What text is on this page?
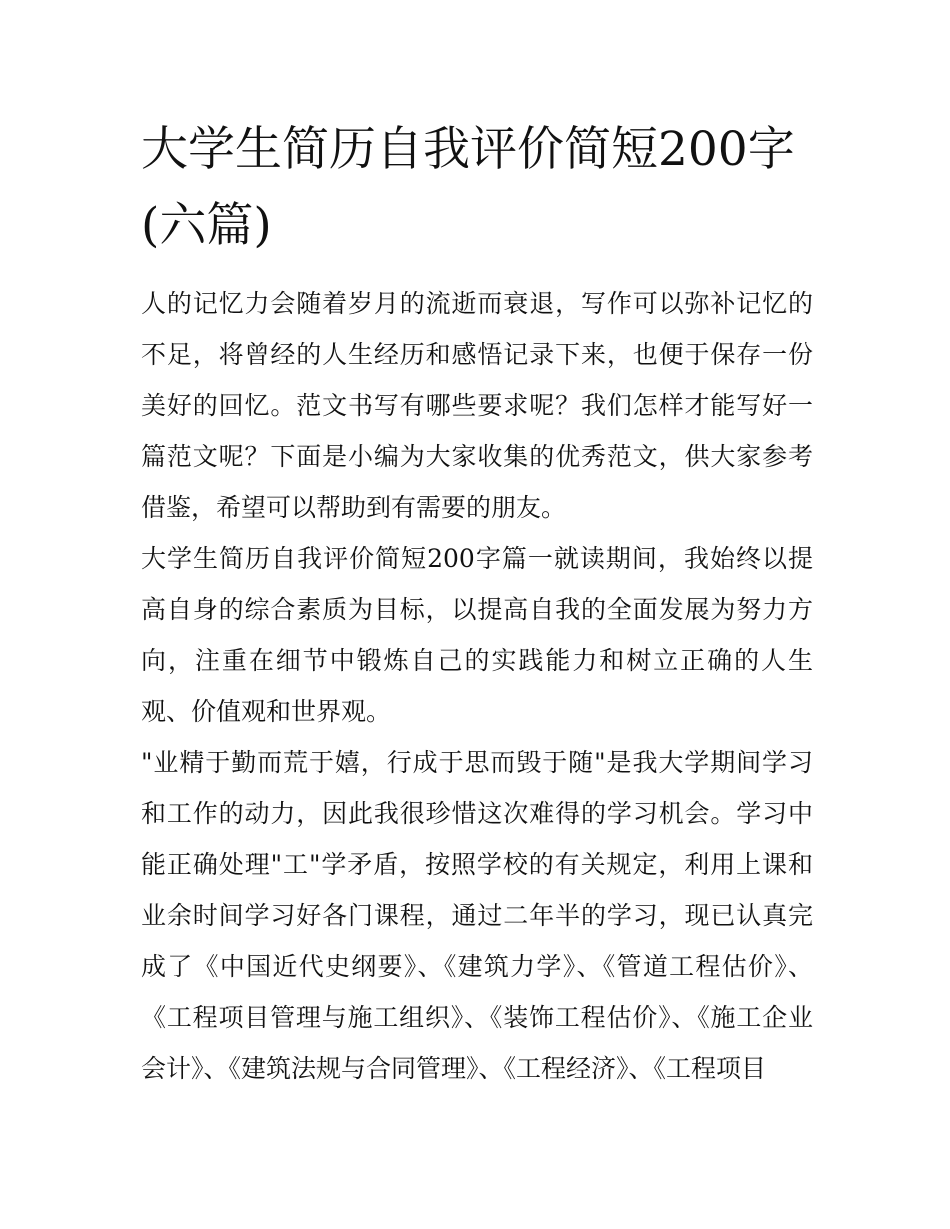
大学生简历自我评价简短200字(六篇)

人的记忆力会随着岁月的流逝而衰退，写作可以弥补记忆的不足，将曾经的人生经历和感悟记录下来，也便于保存一份美好的回忆。范文书写有哪些要求呢？我们怎样才能写好一篇范文呢？下面是小编为大家收集的优秀范文，供大家参考借鉴，希望可以帮助到有需要的朋友。

大学生简历自我评价简短200字篇一就读期间，我始终以提高自身的综合素质为目标，以提高自我的全面发展为努力方向，注重在细节中锻炼自己的实践能力和树立正确的人生观、价值观和世界观。

"业精于勤而荒于嬉，行成于思而毁于随"是我大学期间学习和工作的动力，因此我很珍惜这次难得的学习机会。学习中能正确处理"工"学矛盾，按照学校的有关规定，利用上课和业余时间学习好各门课程，通过二年半的学习，现已认真完成了《中国近代史纲要》、《建筑力学》、《管道工程估价》、《工程项目管理与施工组织》、《装饰工程估价》、《施工企业会计》、《建筑法规与合同管理》、《工程经济》、《工程项目
